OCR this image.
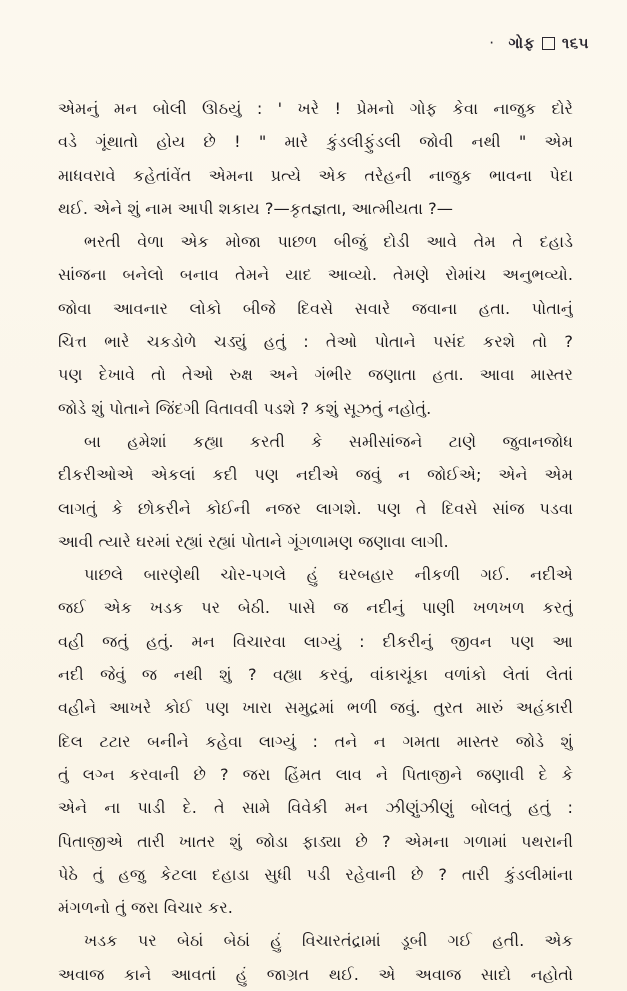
· ગોફ ૧૬૫
એમનું મન બોલી ઊઠયું : ' ખરે ! પ્રેમનો ગોફ કેવા નાજુક દોરે
વડે ગૂંથાતો હોય છે ! " મારે કુંડલીફુંડલી જોવી નથી " એમ
માધવરાવે કહેતાંવેંત એમના પ્રત્યે એક તરેહની નાજુક ભાવના પેદા
થઈ. એને શું નામ આપી શકાય ?—કૃતજ્ઞતા, આત્મીયતા ?—
ભરતી વેળા એક મોજા પાછળ બીજું દોડી આવે તેમ તે દહાડે
સાંજના બનેલો બનાવ તેમને યાદ આવ્યો. તેમણે રોમાંચ અનુભવ્યો.
જોવા આવનાર લોકો બીજે દિવસે સવારે જવાના હતા. પોતાનું
ચિત્ત ભારે ચકડોળે ચડ્યું હતું : તેઓ પોતાને પસંદ કરશે તો ?
પણ દેખાવે તો તેઓ રુક્ષ અને ગંભીર જણાતા હતા. આવા માસ્તર
જોડે શું પોતાને જિંદગી વિતાવવી પડશે ? કશું સૂઝતું નહોતું.
બા હમેશાં કહ્યા કરતી કે સમીસાંજને ટાણે જુવાનજોધ
દીકરીઓએ એકલાં કદી પણ નદીએ જવું ન જોઈએ; એને એમ
લાગતું કે છોકરીને કોઈની નજર લાગશે. પણ તે દિવસે સાંજ પડવા
આવી ત્યારે ઘરમાં રહ્યાં રહ્યાં પોતાને ગૂંગળામણ જણાવા લાગી.
પાછલે બારણેથી ચોર-પગલે હું ઘરબહાર નીકળી ગઈ. નદીએ
જઈ એક ખડક પર બેઠી. પાસે જ નદીનું પાણી ખળખળ કરતું
વહી જતું હતું. મન વિચારવા લાગ્યું : દીકરીનું જીવન પણ આ
નદી જેવું જ નથી શું ? વહ્યા કરવું, વાંકાચૂંકા વળાંકો લેતાં લેતાં
વહીને આખરે કોઈ પણ ખારા સમુદ્રમાં ભળી જવું. તુરત મારું અહંકારી
દિલ ટટાર બનીને કહેવા લાગ્યું : તને ન ગમતા માસ્તર જોડે શું
તું લગ્ન કરવાની છે ? જરા હિંમત લાવ ને પિતાજીને જણાવી દે કે
એને ના પાડી દે. તે સામે વિવેકી મન ઝીણુંઝીણું બોલતું હતું :
પિતાજીએ તારી ખાતર શું જોડા ફાડ્યા છે ? એમના ગળામાં પથરાની
પેઠે તું હજુ કેટલા દહાડા સુધી પડી રહેવાની છે ? તારી કુંડલીમાંના
મંગળનો તું જરા વિચાર કર.
ખડક પર બેઠાં બેઠાં હું વિચારતંદ્રામાં ડૂબી ગઈ હતી. એક
અવાજ કાને આવતાં હું જાગ્રત થઈ. એ અવાજ સાદો નહોતો
